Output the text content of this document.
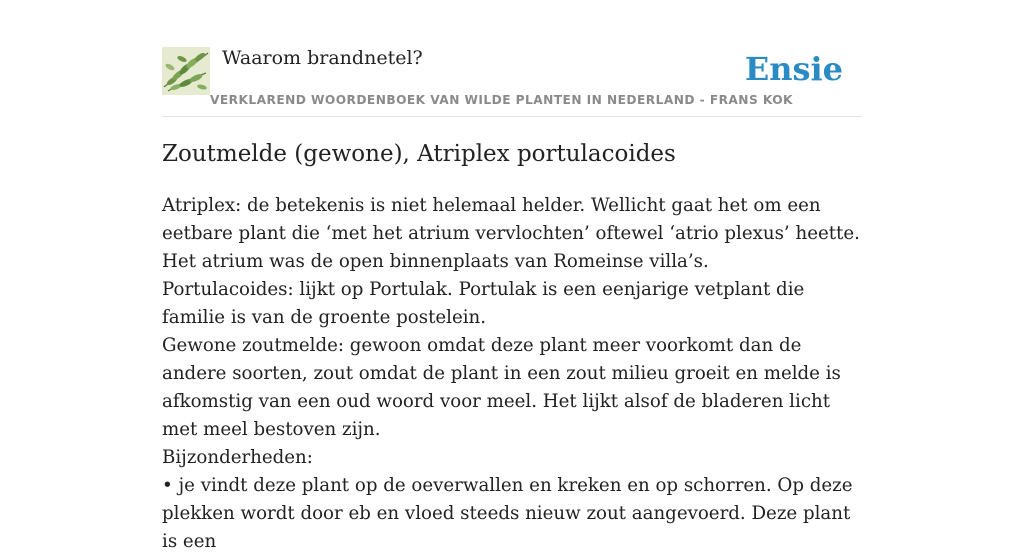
Waarom brandnetel?
VERKLAREND WOORDENBOEK VAN WILDE PLANTEN IN NEDERLAND - FRANS KOK
Ensie
Zoutmelde (gewone), Atriplex portulacoides

Atriplex: de betekenis is niet helemaal helder. Wellicht gaat het om een eetbare plant die ‘met het atrium vervlochten’ oftewel ‘atrio plexus’ heette. Het atrium was de open binnenplaats van Romeinse villa’s.

Portulacoides: lijkt op Portulak. Portulak is een eenjarige vetplant die familie is van de groente postelein.

Gewone zoutmelde: gewoon omdat deze plant meer voorkomt dan de andere soorten, zout omdat de plant in een zout milieu groeit en melde is afkomstig van een oud woord voor meel. Het lijkt alsof de bladeren licht met meel bestoven zijn.

Bijzonderheden:

• je vindt deze plant op de oeverwallen en kreken en op schorren. Op deze plekken wordt door eb en vloed steeds nieuw zout aangevoerd. Deze plant is een
